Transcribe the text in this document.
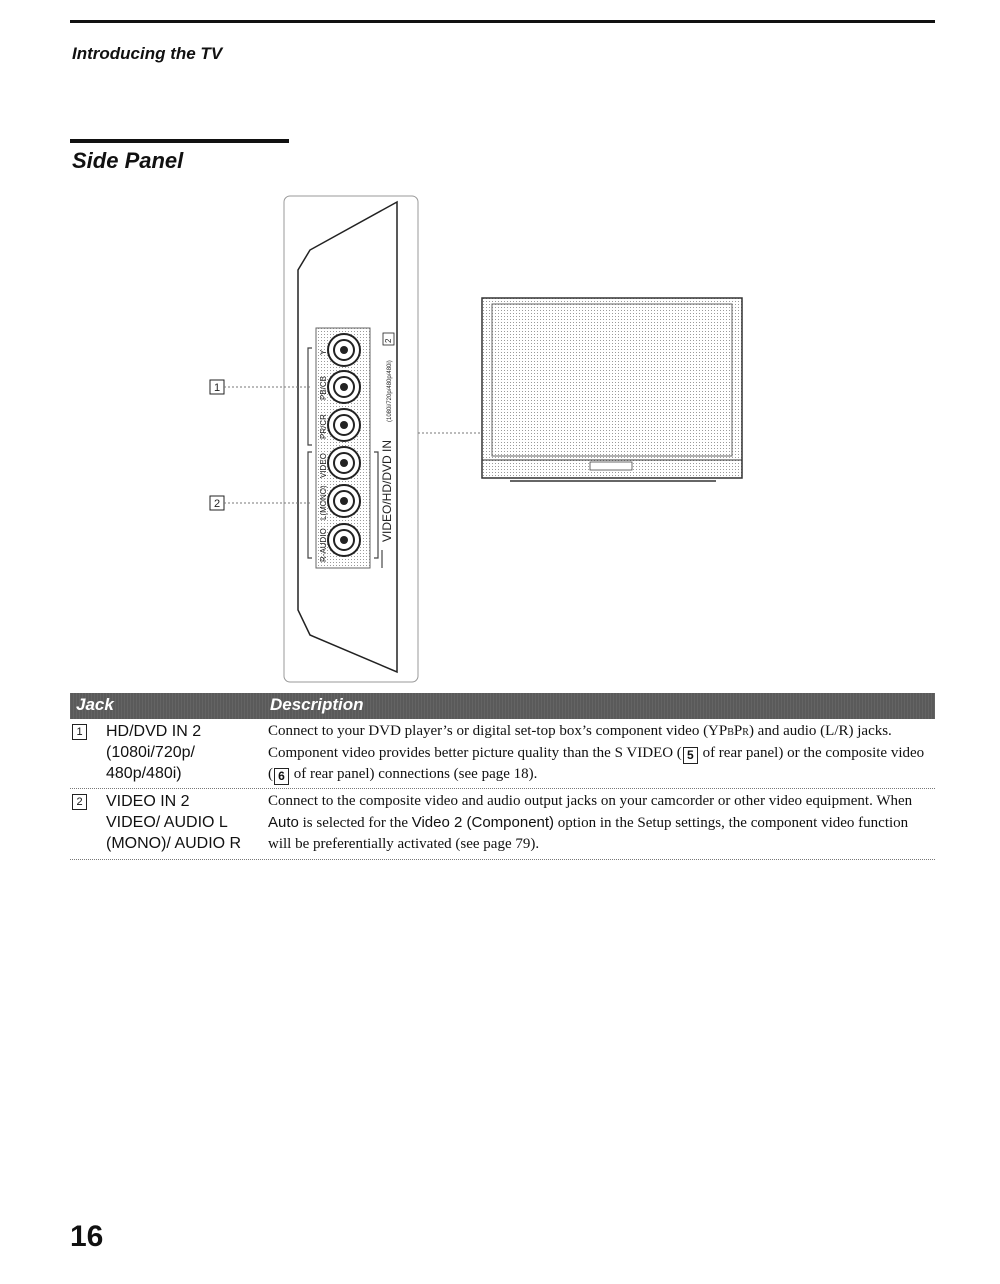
Introducing the TV
Side Panel
Y
PB/CB
PR/CR
VIDEO
L(MONO)
R-AUDIO
VIDEO/HD/DVD IN
(1080i/720p/480p/480i)
2
1
2
Jack	Description
1 HD/DVD IN 2
(1080i/720p/
480p/480i)
Connect to your DVD player’s or digital set-top box’s component video (YPBPR) and audio (L/R) jacks. Component video provides better picture quality than the S VIDEO ( 5 of rear panel) or the composite video ( 6 of rear panel) connections (see page 18).
2 VIDEO IN 2
VIDEO/ AUDIO L
(MONO)/ AUDIO R
Connect to the composite video and audio output jacks on your camcorder or other video equipment. When Auto is selected for the Video 2 (Component) option in the Setup settings, the component video function will be preferentially activated (see page 79).
16
